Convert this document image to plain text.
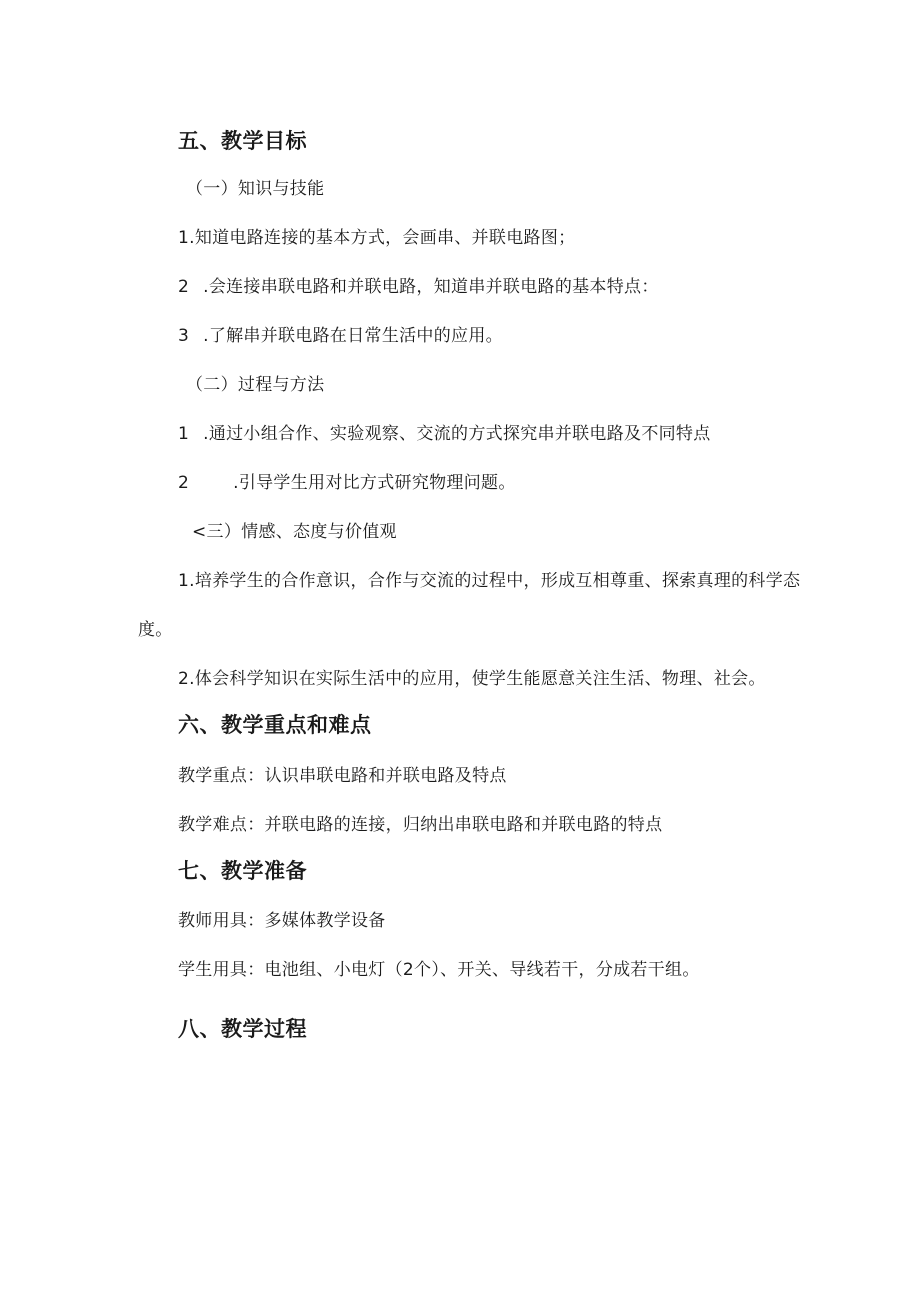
五、教学目标
（一）知识与技能
1.知道电路连接的基本方式，会画串、并联电路图；
2 .会连接串联电路和并联电路，知道串并联电路的基本特点：
3 .了解串并联电路在日常生活中的应用。
（二）过程与方法
1 .通过小组合作、实验观察、交流的方式探究串并联电路及不同特点
2	.引导学生用对比方式研究物理问题。
<三）情感、态度与价值观
1.培养学生的合作意识，合作与交流的过程中，形成互相尊重、探索真理的科学态
度。
2.体会科学知识在实际生活中的应用，使学生能愿意关注生活、物理、社会。
六、教学重点和难点
教学重点：认识串联电路和并联电路及特点
教学难点：并联电路的连接，归纳出串联电路和并联电路的特点
七、教学准备
教师用具：多媒体教学设备
学生用具：电池组、小电灯（2个）、开关、导线若干，分成若干组。
八、教学过程
